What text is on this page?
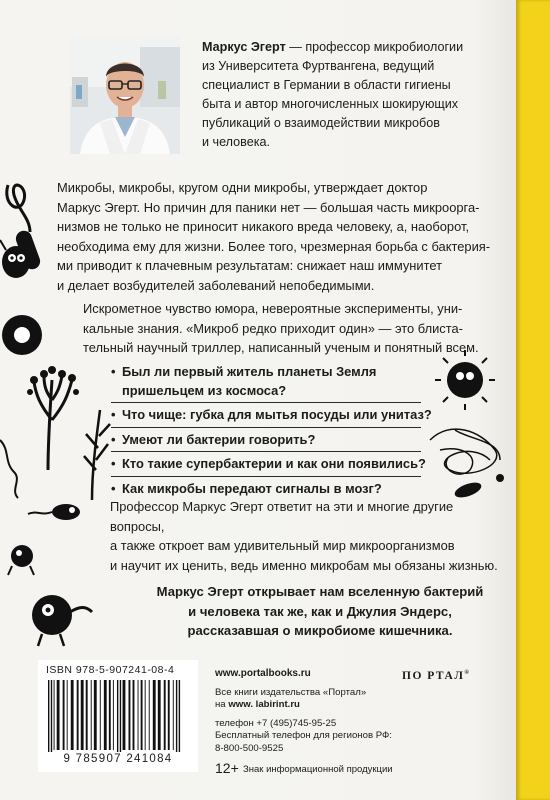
Маркус Эгерт — профессор микробиологии
из Университета Фуртвангена, ведущий
специалист в Германии в области гигиены
быта и автор многочисленных шокирующих
публикаций о взаимодействии микробов
и человека.

Микробы, микробы, кругом одни микробы, утверждает доктор
Маркус Эгерт. Но причин для паники нет — большая часть микроорга-
низмов не только не приносит никакого вреда человеку, а, наоборот,
необходима ему для жизни. Более того, чрезмерная борьба с бактерия-
ми приводит к плачевным результатам: снижает наш иммунитет
и делает возбудителей заболеваний непобедимыми.

Искрометное чувство юмора, невероятные эксперименты, уни-
кальные знания. «Микроб редко приходит один» — это блиста-
тельный научный триллер, написанный ученым и понятный всем.

• Был ли первый житель планеты Земля
пришельцем из космоса?
• Что чище: губка для мытья посуды или унитаз?
• Умеют ли бактерии говорить?
• Кто такие супербактерии и как они появились?
• Как микробы передают сигналы в мозг?

Профессор Маркус Эгерт ответит на эти и многие другие вопросы,
а также откроет вам удивительный мир микроорганизмов
и научит их ценить, ведь именно микробам мы обязаны жизнью.

Маркус Эгерт открывает нам вселенную бактерий
и человека так же, как и Джулия Эндерс,
рассказавшая о микробиоме кишечника.

ISBN 978-5-907241-08-4
9 785907 241084
www.portalbooks.ru
Все книги издательства «Портал»
на www. labirint.ru
телефон +7 (495)745-95-25
Бесплатный телефон для регионов РФ:
8-800-500-9525
ПО РТАЛ®
12+ Знак информационной продукции
